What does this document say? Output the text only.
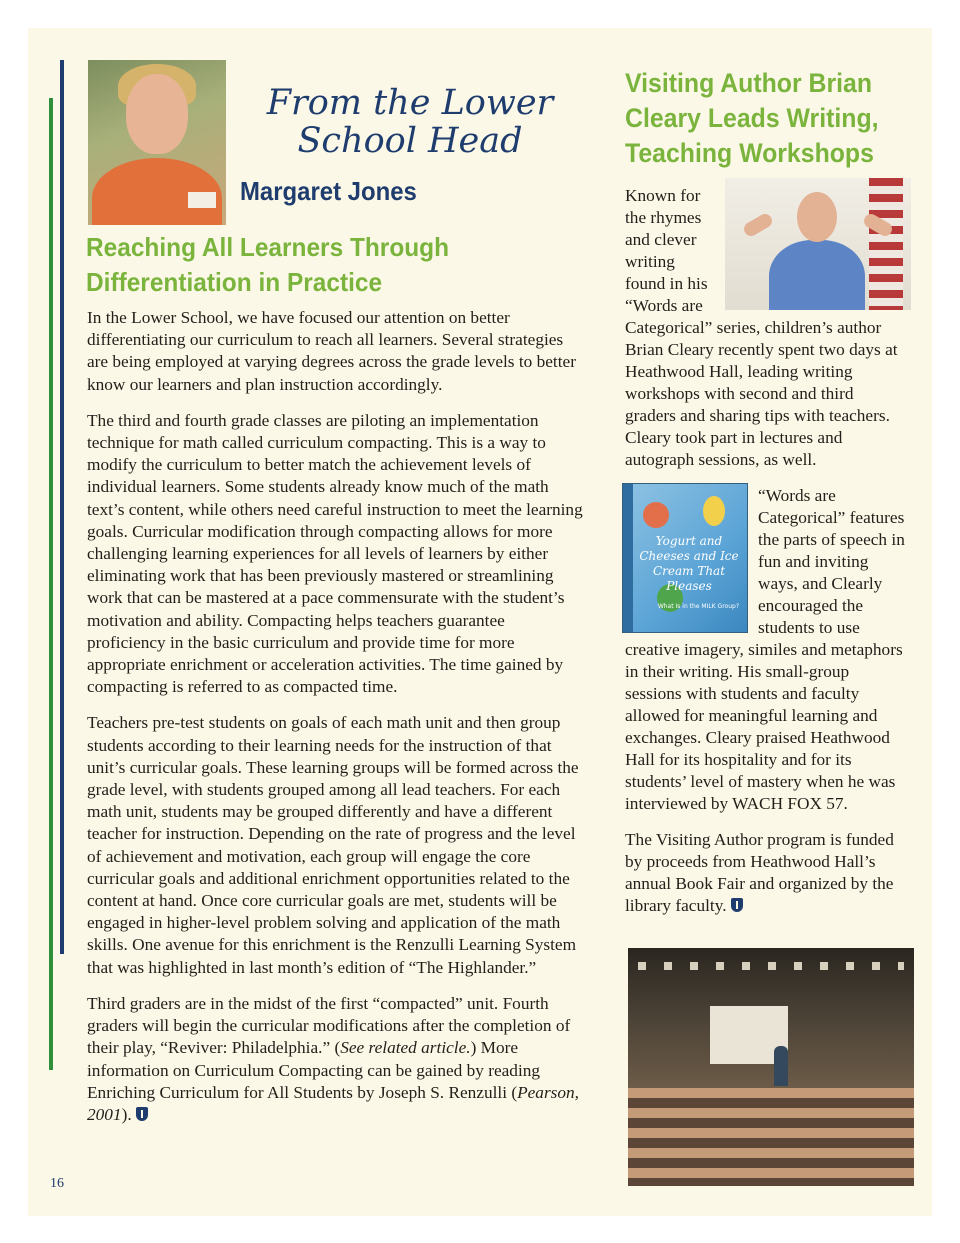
From the Lower School Head
Margaret Jones
Reaching All Learners Through Differentiation in Practice

In the Lower School, we have focused our attention on better differentiating our curriculum to reach all learners. Several strategies are being employed at varying degrees across the grade levels to better know our learners and plan instruction accordingly.

The third and fourth grade classes are piloting an implementation technique for math called curriculum compacting. This is a way to modify the curriculum to better match the achievement levels of individual learners. Some students already know much of the math text’s content, while others need careful instruction to meet the learning goals. Curricular modification through compacting allows for more challenging learning experiences for all levels of learners by either eliminating work that has been previously mastered or streamlining work that can be mastered at a pace commensurate with the student’s motivation and ability. Compacting helps teachers guarantee proficiency in the basic curriculum and provide time for more appropriate enrichment or acceleration activities. The time gained by compacting is referred to as compacted time.

Teachers pre-test students on goals of each math unit and then group students according to their learning needs for the instruction of that unit’s curricular goals. These learning groups will be formed across the grade level, with students grouped among all lead teachers. For each math unit, students may be grouped differently and have a different teacher for instruction. Depending on the rate of progress and the level of achievement and motivation, each group will engage the core curricular goals and additional enrichment opportunities related to the content at hand. Once core curricular goals are met, students will be engaged in higher-level problem solving and application of the math skills. One avenue for this enrichment is the Renzulli Learning System that was highlighted in last month’s edition of “The Highlander.”

Third graders are in the midst of the first “compacted” unit. Fourth graders will begin the curricular modifications after the completion of their play, “Reviver: Philadelphia.” (See related article.) More information on Curriculum Compacting can be gained by reading Enriching Curriculum for All Students by Joseph S. Renzulli (Pearson, 2001).

Visiting Author Brian Cleary Leads Writing, Teaching Workshops

Known for the rhymes and clever writing found in his “Words are Categorical” series, children’s author Brian Cleary recently spent two days at Heathwood Hall, leading writing workshops with second and third graders and sharing tips with teachers. Cleary took part in lectures and autograph sessions, as well.

Yogurt and Cheeses and Ice Cream That Pleases
What Is in the MILK Group?
“Words are Categorical” features the parts of speech in fun and inviting ways, and Clearly encouraged the students to use creative imagery, similes and metaphors in their writing. His small-group sessions with students and faculty allowed for meaningful learning and exchanges. Cleary praised Heathwood Hall for its hospitality and for its students’ level of mastery when he was interviewed by WACH FOX 57.

The Visiting Author program is funded by proceeds from Heathwood Hall’s annual Book Fair and organized by the library faculty.

16
